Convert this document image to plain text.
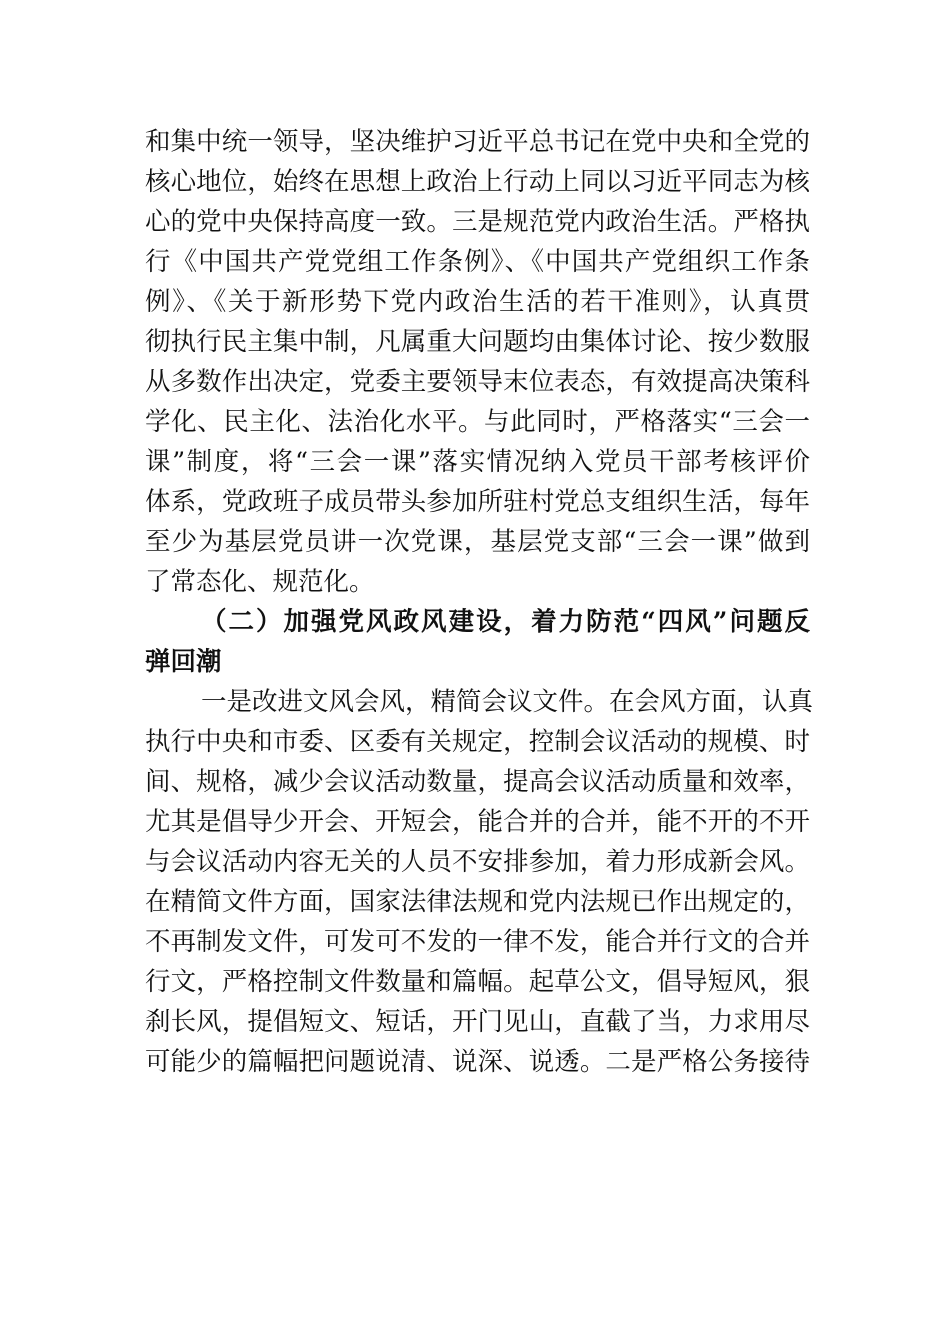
和集中统一领导，坚决维护习近平总书记在党中央和全党的
核心地位，始终在思想上政治上行动上同以习近平同志为核
心的党中央保持高度一致。三是规范党内政治生活。严格执
行《中国共产党党组工作条例》、《中国共产党组织工作条
例》、《关于新形势下党内政治生活的若干准则》，认真贯
彻执行民主集中制，凡属重大问题均由集体讨论、按少数服
从多数作出决定，党委主要领导末位表态，有效提高决策科
学化、民主化、法治化水平。与此同时，严格落实“三会一
课”制度，将“三会一课”落实情况纳入党员干部考核评价
体系，党政班子成员带头参加所驻村党总支组织生活，每年
至少为基层党员讲一次党课，基层党支部“三会一课”做到
了常态化、规范化。
（二）加强党风政风建设，着力防范“四风”问题反
弹回潮
一是改进文风会风，精简会议文件。在会风方面，认真
执行中央和市委、区委有关规定，控制会议活动的规模、时
间、规格，减少会议活动数量，提高会议活动质量和效率，
尤其是倡导少开会、开短会，能合并的合并，能不开的不开
与会议活动内容无关的人员不安排参加，着力形成新会风。
在精简文件方面，国家法律法规和党内法规已作出规定的，
不再制发文件，可发可不发的一律不发，能合并行文的合并
行文，严格控制文件数量和篇幅。起草公文，倡导短风，狠
刹长风，提倡短文、短话，开门见山，直截了当，力求用尽
可能少的篇幅把问题说清、说深、说透。二是严格公务接待
